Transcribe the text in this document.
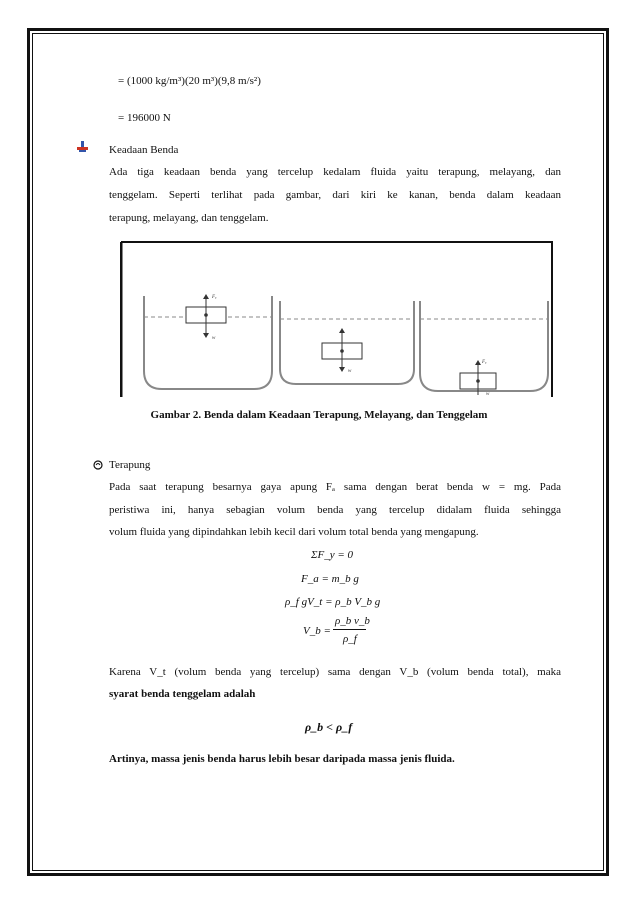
= (1000 kg/m³)(20 m³)(9,8 m/s²)
= 196000 N
Keadaan Benda
Ada tiga keadaan benda yang tercelup kedalam fluida yaitu terapung, melayang, dan
tenggelam. Seperti terlihat pada gambar, dari kiri ke kanan, benda dalam keadaan
terapung, melayang, dan tenggelam.
Fₐ
w
w
Fₐ
w
Gambar 2. Benda dalam Keadaan Terapung, Melayang, dan Tenggelam
Terapung
Pada saat terapung besarnya gaya apung Fₐ sama dengan berat benda w = mg. Pada
peristiwa ini, hanya sebagian volum benda yang tercelup didalam fluida sehingga
volum fluida yang dipindahkan lebih kecil dari volum total benda yang mengapung.
ΣF_y = 0
F_a = m_b g
ρ_f gV_t = ρ_b V_b g
V_b =
ρ_b v_b
ρ_f
Karena V_t (volum benda yang tercelup) sama dengan V_b (volum benda total), maka
syarat benda tenggelam adalah
ρ_b < ρ_f
Artinya, massa jenis benda harus lebih besar daripada massa jenis fluida.
